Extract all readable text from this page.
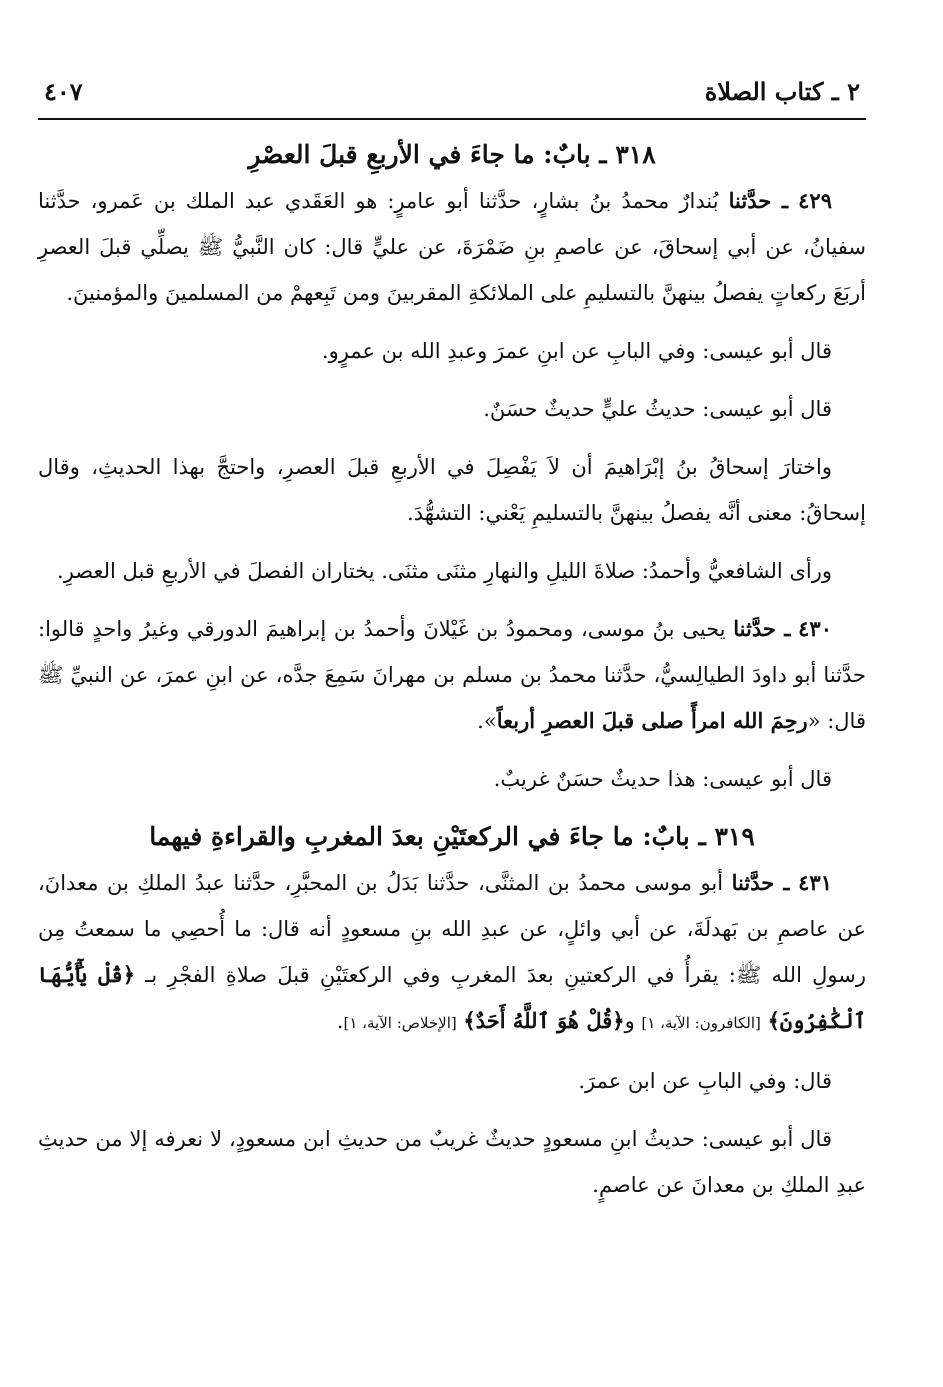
٢ ـ كتاب الصلاة
٤٠٧
٣١٨ ـ بابٌ: ما جاءَ في الأربعِ قبلَ العصْرِ

٤٢٩ ـ حدَّثنا بُندارٌ محمدُ بنُ بشارٍ، حدَّثنا أبو عامرٍ: هو العَقَدي عبد الملك بن عَمرو، حدَّثنا سفيانُ، عن أبي إسحاقَ، عن عاصمِ بنِ ضَمْرَةَ، عن عليٍّ قال: كان النَّبيُّ ﷺ يصلِّي قبلَ العصرِ أربَعَ ركعاتٍ يفصلُ بينهنَّ بالتسليمِ على الملائكةِ المقربينَ ومن تَبِعهمْ من المسلمينَ والمؤمنينَ.

قال أبو عيسى: وفي البابِ عن ابنِ عمرَ وعبدِ الله بن عمرٍو.

قال أبو عيسى: حديثُ عليٍّ حديثٌ حسَنٌ.

واختارَ إسحاقُ بنُ إبْرَاهيمَ أن لاَ يَفْصِلَ في الأربعِ قبلَ العصرِ، واحتجَّ بهذا الحديثِ، وقال إسحاقُ: معنى أنَّه يفصلُ بينهنَّ بالتسليمِ يَعْني: التشهُّدَ.

ورأى الشافعيُّ وأحمدُ: صلاةَ الليلِ والنهارِ مثنَى مثنَى. يختاران الفصلَ في الأربعِ قبل العصرِ.

٤٣٠ ـ حدَّثنا يحيى بنُ موسى، ومحمودُ بن غَيْلانَ وأحمدُ بن إبراهيمَ الدورقي وغيرُ واحدٍ قالوا: حدَّثنا أبو داودَ الطيالِسيُّ، حدَّثنا محمدُ بن مسلم بن مهرانَ سَمِعَ جدَّه، عن ابنِ عمرَ، عن النبيِّ ﷺ قال: «رحِمَ الله امرأً صلى قبلَ العصرِ أربعاً».

قال أبو عيسى: هذا حديثٌ حسَنٌ غريبٌ.

٣١٩ ـ بابٌ: ما جاءَ في الركعتَيْنِ بعدَ المغربِ والقراءةِ فيهما

٤٣١ ـ حدَّثنا أبو موسى محمدُ بن المثنَّى، حدَّثنا بَدَلُ بن المحبَّرِ، حدَّثنا عبدُ الملكِ بن معدانَ، عن عاصمِ بن بَهدلَةَ، عن أبي وائلٍ، عن عبدِ الله بنِ مسعودٍ أنه قال: ما أُحصِي ما سمعتُ مِن رسولِ الله ﷺ: يقرأُ في الركعتينِ بعدَ المغربِ وفي الركعتَيْنِ قبلَ صلاةِ الفجْرِ بـ ﴿قُلْ يَٰٓأَيُّهَا ٱلْكَٰفِرُونَ﴾ [الكافرون: الآية، ١] و﴿قُلْ هُوَ ٱللَّهُ أَحَدٌ﴾ [الإخلاص: الآية، ١].

قال: وفي البابِ عن ابن عمرَ.

قال أبو عيسى: حديثُ ابنِ مسعودٍ حديثٌ غريبٌ من حديثِ ابن مسعودٍ، لا نعرفه إلا من حديثِ عبدِ الملكِ بن معدانَ عن عاصمٍ.
